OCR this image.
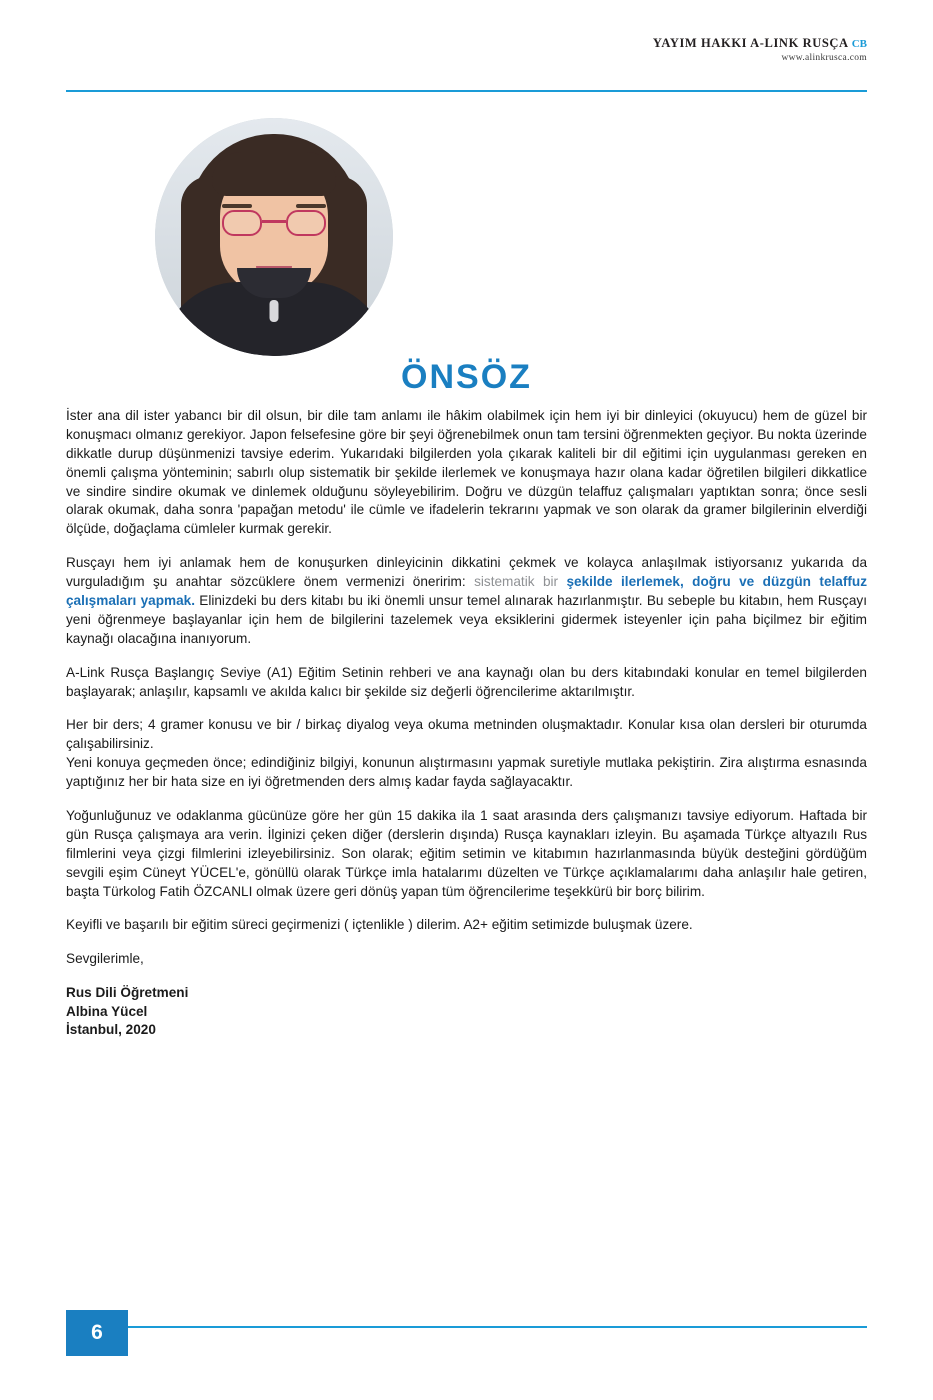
YAYIM HAKKI A-LINK RUSÇA CB
www.alinkrusca.com
ÖNSÖZ

İster ana dil ister yabancı bir dil olsun, bir dile tam anlamı ile hâkim olabilmek için hem iyi bir dinleyici (okuyucu) hem de güzel bir konuşmacı olmanız gerekiyor. Japon felsefesine göre bir şeyi öğrenebilmek onun tam tersini öğrenmekten geçiyor. Bu nokta üzerinde dikkatle durup düşünmenizi tavsiye ederim. Yukarıdaki bilgilerden yola çıkarak kaliteli bir dil eğitimi için uygulanması gereken en önemli çalışma yönteminin; sabırlı olup sistematik bir şekilde ilerlemek ve konuşmaya hazır olana kadar öğretilen bilgileri dikkatlice ve sindire sindire okumak ve dinlemek olduğunu söyleyebilirim. Doğru ve düzgün telaffuz çalışmaları yaptıktan sonra; önce sesli olarak okumak, daha sonra 'papağan metodu' ile cümle ve ifadelerin tekrarını yapmak ve son olarak da gramer bilgilerinin elverdiği ölçüde, doğaçlama cümleler kurmak gerekir.

Rusçayı hem iyi anlamak hem de konuşurken dinleyicinin dikkatini çekmek ve kolayca anlaşılmak istiyorsanız yukarıda da vurguladığım şu anahtar sözcüklere önem vermenizi öneririm: sistematik bir şekilde ilerlemek, doğru ve düzgün telaffuz çalışmaları yapmak. Elinizdeki bu ders kitabı bu iki önemli unsur temel alınarak hazırlanmıştır. Bu sebeple bu kitabın, hem Rusçayı yeni öğrenmeye başlayanlar için hem de bilgilerini tazelemek veya eksiklerini gidermek isteyenler için paha biçilmez bir eğitim kaynağı olacağına inanıyorum.

A-Link Rusça Başlangıç Seviye (A1) Eğitim Setinin rehberi ve ana kaynağı olan bu ders kitabındaki konular en temel bilgilerden başlayarak; anlaşılır, kapsamlı ve akılda kalıcı bir şekilde siz değerli öğrencilerime aktarılmıştır.

Her bir ders; 4 gramer konusu ve bir / birkaç diyalog veya okuma metninden oluşmaktadır. Konular kısa olan dersleri bir oturumda çalışabilirsiniz.

Yeni konuya geçmeden önce; edindiğiniz bilgiyi, konunun alıştırmasını yapmak suretiyle mutlaka pekiştirin. Zira alıştırma esnasında yaptığınız her bir hata size en iyi öğretmenden ders almış kadar fayda sağlayacaktır.

Yoğunluğunuz ve odaklanma gücünüze göre her gün 15 dakika ila 1 saat arasında ders çalışmanızı tavsiye ediyorum. Haftada bir gün Rusça çalışmaya ara verin. İlginizi çeken diğer (derslerin dışında) Rusça kaynakları izleyin. Bu aşamada Türkçe altyazılı Rus filmlerini veya çizgi filmlerini izleyebilirsiniz. Son olarak; eğitim setimin ve kitabımın hazırlanmasında büyük desteğini gördüğüm sevgili eşim Cüneyt YÜCEL'e, gönüllü olarak Türkçe imla hatalarımı düzelten ve Türkçe açıklamalarımı daha anlaşılır hale getiren, başta Türkolog Fatih ÖZCANLI olmak üzere geri dönüş yapan tüm öğrencilerime teşekkürü bir borç bilirim.

Keyifli ve başarılı bir eğitim süreci geçirmenizi ( içtenlikle ) dilerim. A2+ eğitim setimizde buluşmak üzere.

Sevgilerimle,

Rus Dili Öğretmeni
Albina Yücel
İstanbul, 2020
6
